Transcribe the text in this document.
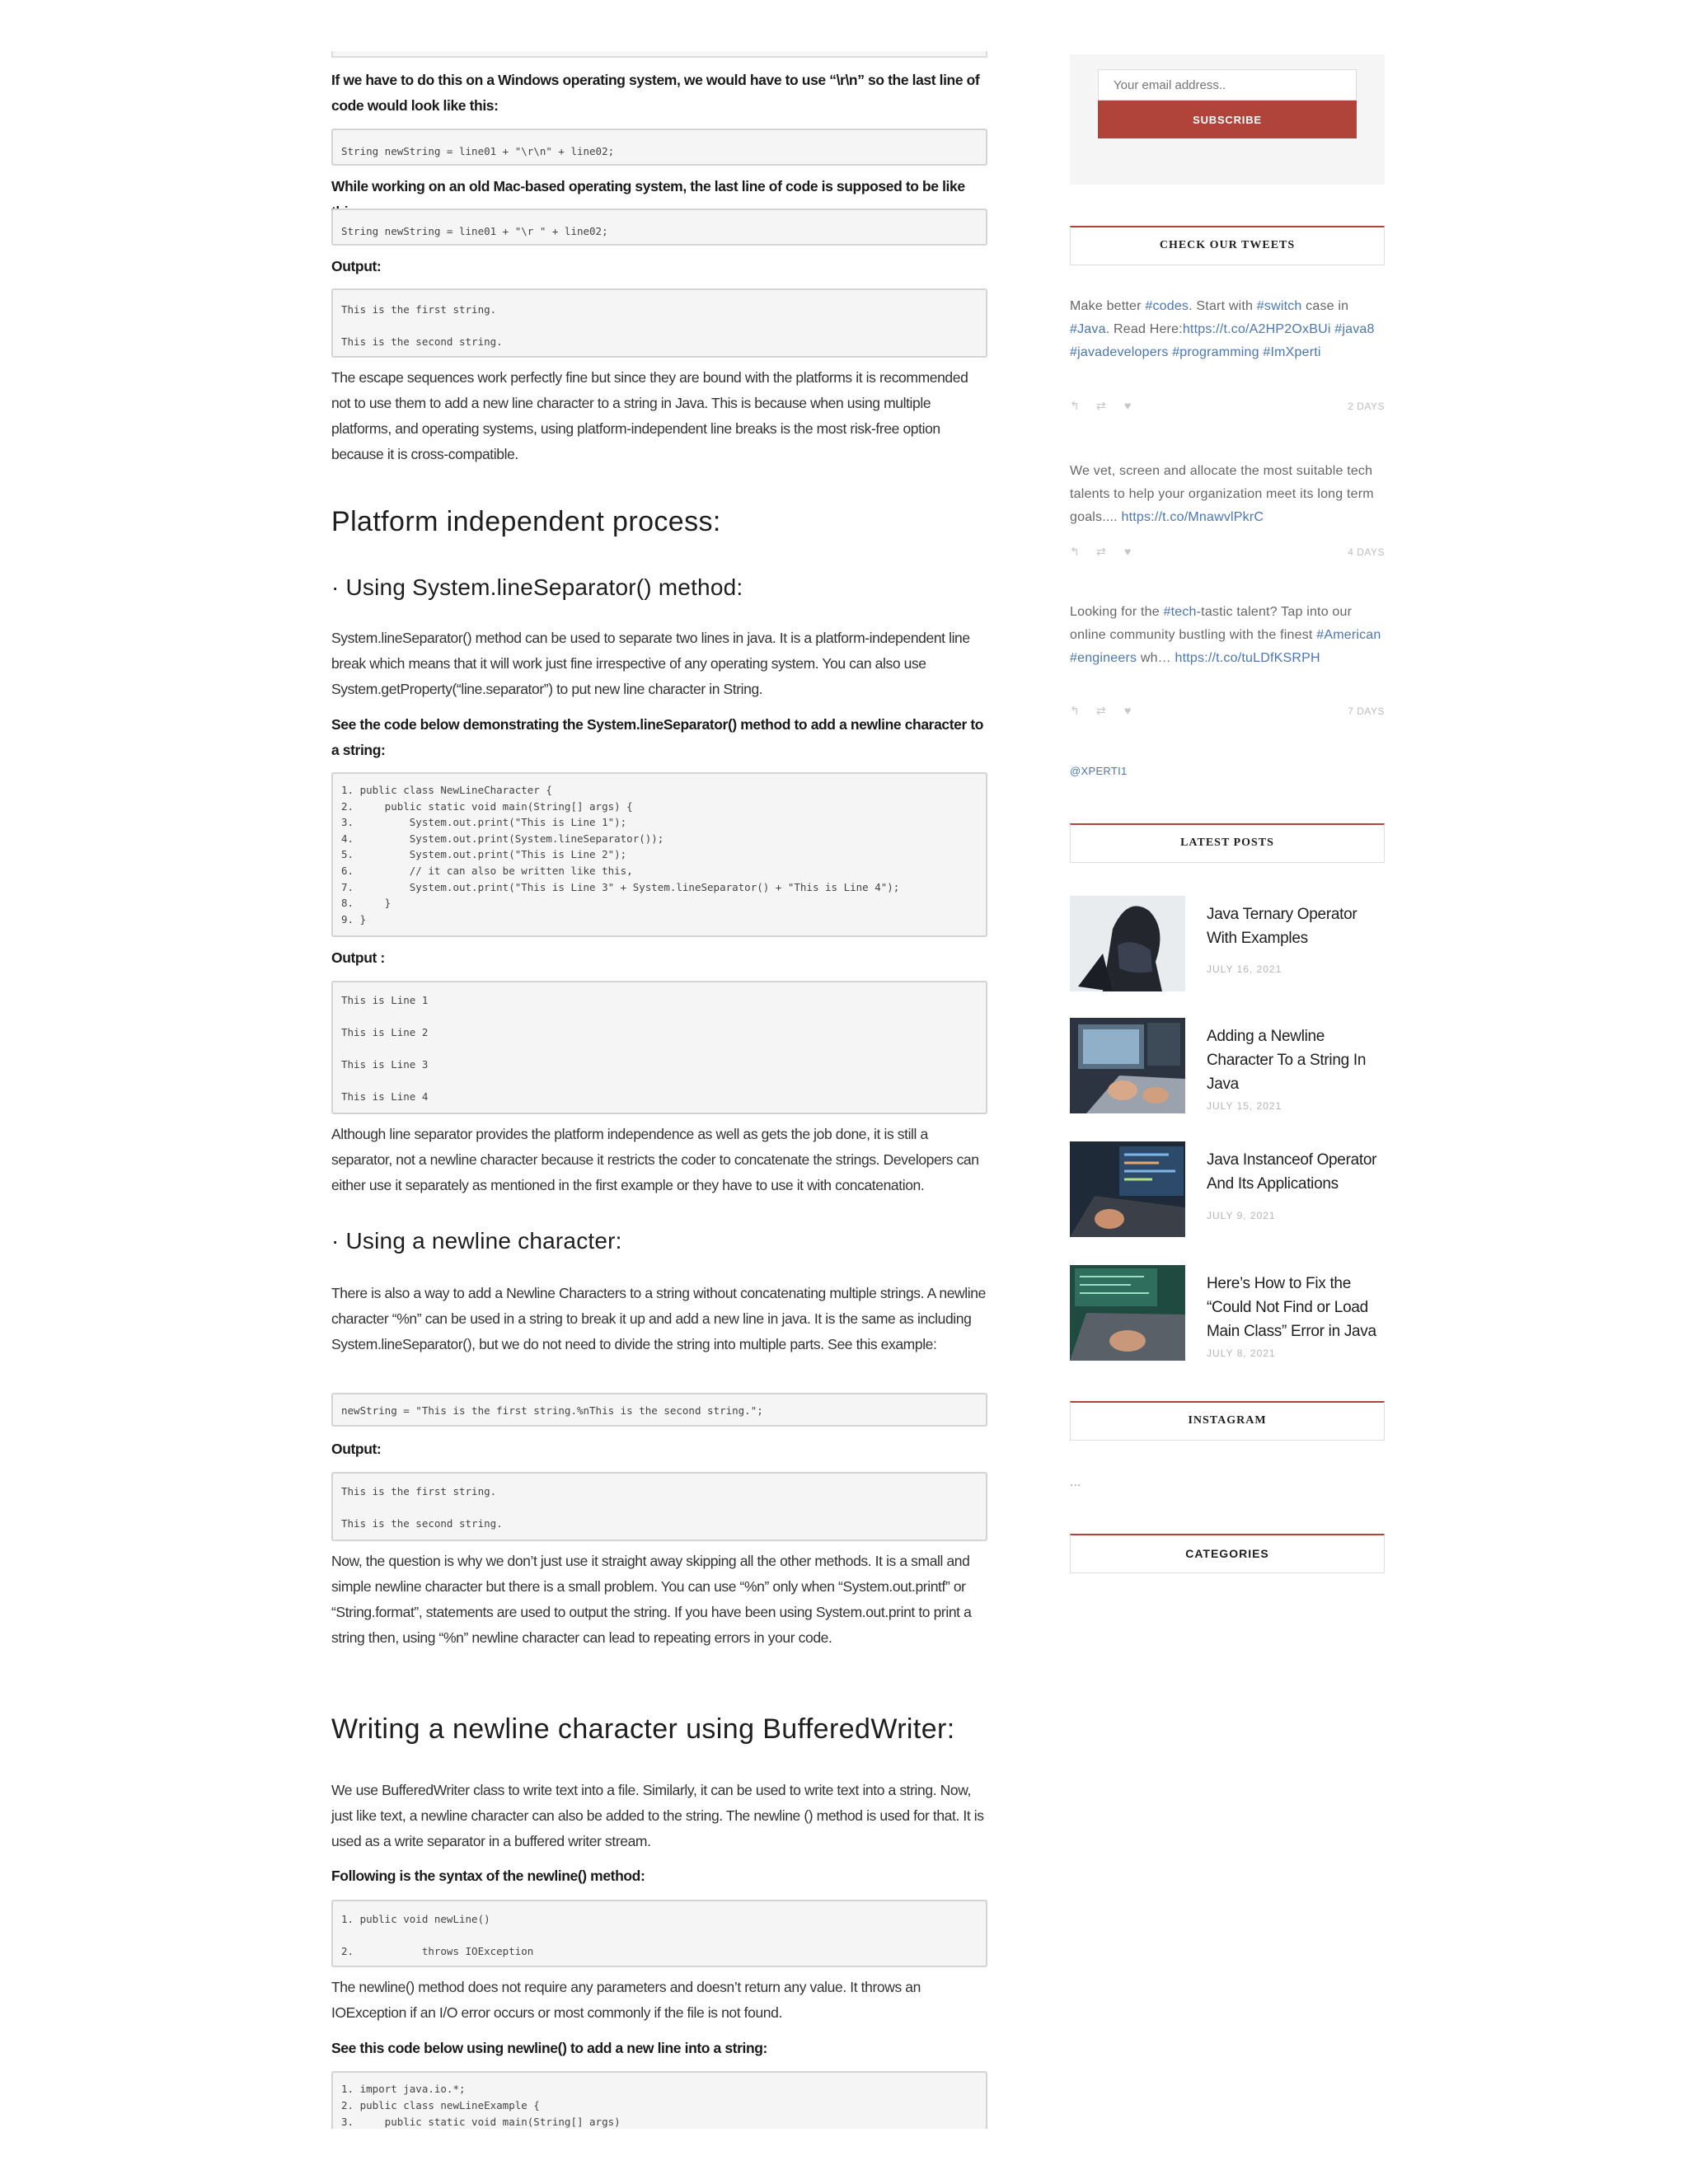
If we have to do this on a Windows operating system, we would have to use “\r\n” so the last line of code would look like this:

String newString = line01 + "\r\n" + line02;

While working on an old Mac-based operating system, the last line of code is supposed to be like

String newString = line01 + "\r " + line02;

Output:

This is the first string.
This is the second string.

The escape sequences work perfectly fine but since they are bound with the platforms it is recommended not to use them to add a new line character to a string in Java. This is because when using multiple platforms, and operating systems, using platform-independent line breaks is the most risk-free option because it is cross-compatible.

Platform independent process:
· Using System.lineSeparator() method:

System.lineSeparator() method can be used to separate two lines in java. It is a platform-independent line break which means that it will work just fine irrespective of any operating system. You can also use System.getProperty(“line.separator”) to put new line character in String.

See the code below demonstrating the System.lineSeparator() method to add a newline character to a string:

1. public class NewLineCharacter {
2.     public static void main(String[] args) {
3.         System.out.print("This is Line 1");
4.         System.out.print(System.lineSeparator());
5.         System.out.print("This is Line 2");
6.         // it can also be written like this,
7.         System.out.print("This is Line 3" + System.lineSeparator() + "This is Line 4");
8.     }
9. }

Output :

This is Line 1
This is Line 2
This is Line 3
This is Line 4

Although line separator provides the platform independence as well as gets the job done, it is still a separator, not a newline character because it restricts the coder to concatenate the strings. Developers can either use it separately as mentioned in the first example or they have to use it with concatenation.

· Using a newline character:

There is also a way to add a Newline Characters to a string without concatenating multiple strings. A newline character “%n” can be used in a string to break it up and add a new line in java. It is the same as including System.lineSeparator(), but we do not need to divide the string into multiple parts. See this example:

newString = "This is the first string.%nThis is the second string.";

Output:

This is the first string.
This is the second string.

Now, the question is why we don’t just use it straight away skipping all the other methods. It is a small and simple newline character but there is a small problem. You can use “%n” only when “System.out.printf” or “String.format”, statements are used to output the string. If you have been using System.out.print to print a string then, using “%n” newline character can lead to repeating errors in your code.

Writing a newline character using BufferedWriter:

We use BufferedWriter class to write text into a file. Similarly, it can be used to write text into a string. Now, just like text, a newline character can also be added to the string. The newline () method is used for that. It is used as a write separator in a buffered writer stream.

Following is the syntax of the newline() method:

1. public void newLine()
2.           throws IOException

The newline() method does not require any parameters and doesn’t return any value. It throws an IOException if an I/O error occurs or most commonly if the file is not found.

See this code below using newline() to add a new line into a string:

1. import java.io.*;
2. public class newLineExample {
3.     public static void main(String[] args)
Your email address..
SUBSCRIBE
CHECK OUR TWEETS
Make better #codes. Start with #switch case in #Java. Read Here:https://t.co/A2HP2OxBUi #java8 #javadevelopers #programming #ImXperti
↰ ⇄ ♥	2 DAYS
We vet, screen and allocate the most suitable tech talents to help your organization meet its long term goals.... https://t.co/MnawvlPkrC
↰ ⇄ ♥	4 DAYS
Looking for the #tech-tastic talent? Tap into our online community bustling with the finest #American #engineers wh… https://t.co/tuLDfKSRPH
↰ ⇄ ♥	7 DAYS
@XPERTI1
LATEST POSTS
Java Ternary Operator With Examples
JULY 16, 2021
Adding a Newline Character To a String In Java
JULY 15, 2021
Java Instanceof Operator And Its Applications
JULY 9, 2021
Here’s How to Fix the “Could Not Find or Load Main Class” Error in Java
JULY 8, 2021
INSTAGRAM
...
CATEGORIES
